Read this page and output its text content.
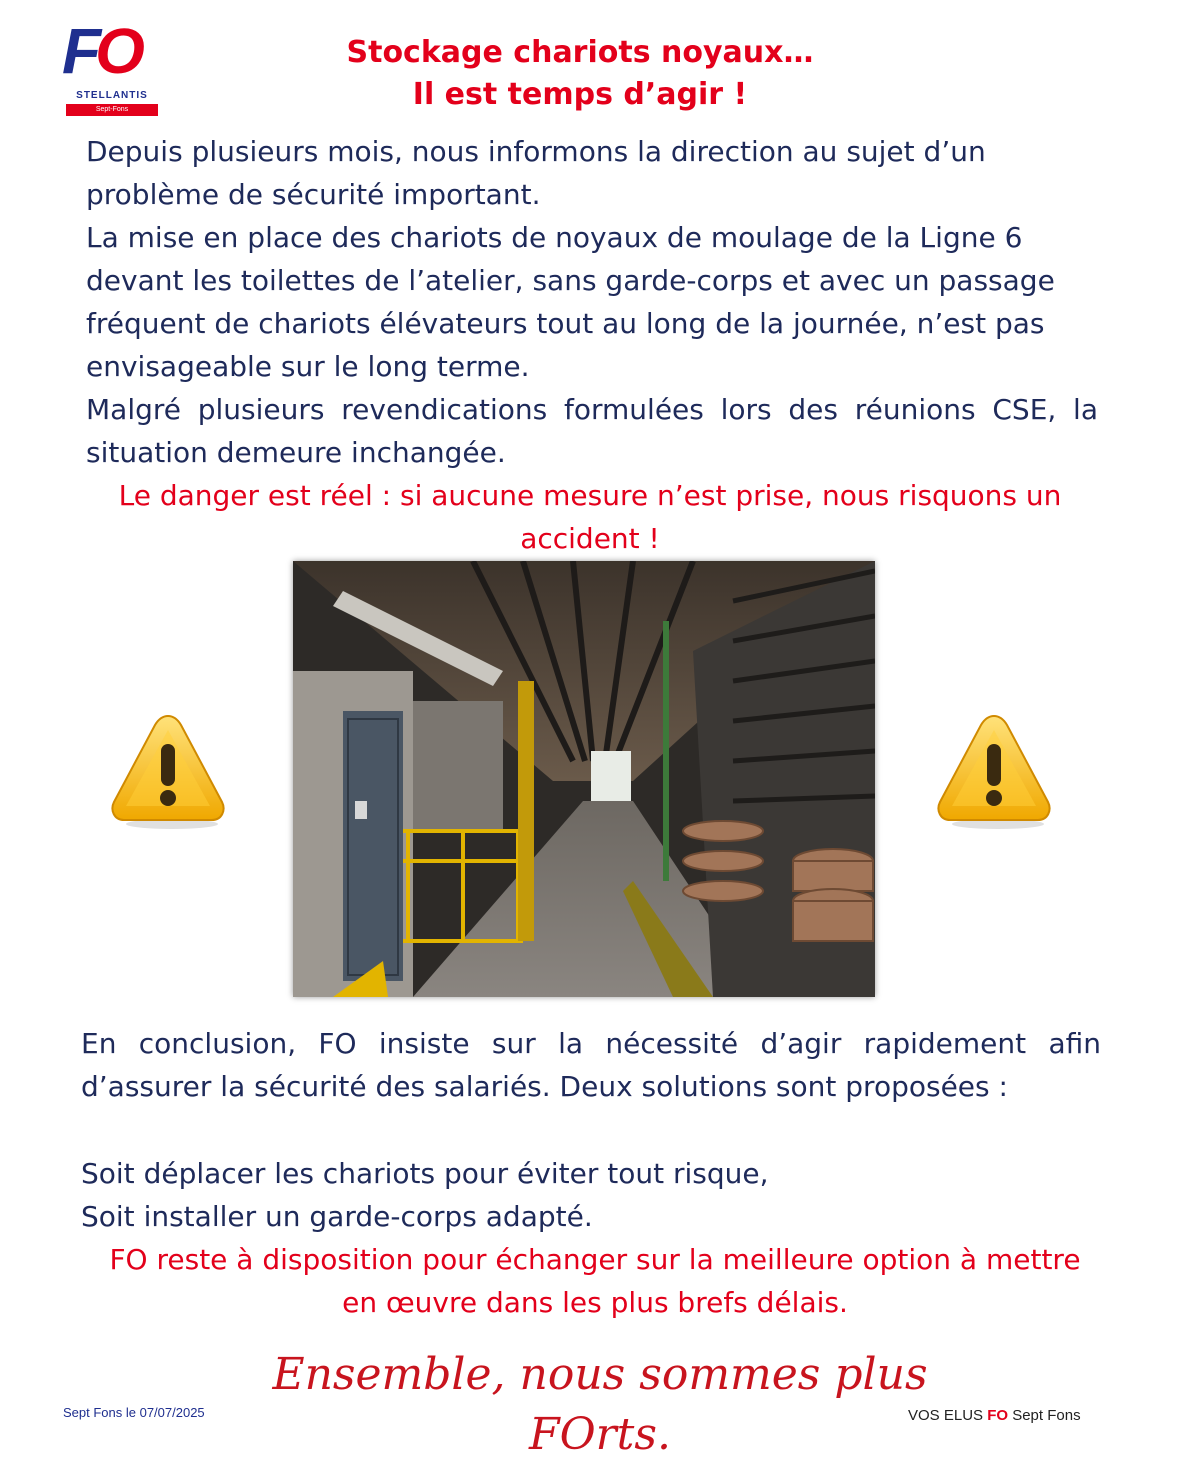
FO
STELLANTIS
Sept-Fons
Stockage chariots noyaux…
Il est temps d’agir !

Depuis plusieurs mois, nous informons la direction au sujet d’un

problème de sécurité important.

La mise en place des chariots de noyaux de moulage de la Ligne 6

devant les toilettes de l’atelier, sans garde-corps et avec un passage

fréquent de chariots élévateurs tout au long de la journée, n’est pas

envisageable sur le long terme.

Malgré plusieurs revendications formulées lors des réunions CSE, la

situation demeure inchangée.

Le danger est réel : si aucune mesure n’est prise, nous risquons un
accident !

En conclusion, FO insiste sur la nécessité d’agir rapidement afin

d’assurer la sécurité des salariés. Deux solutions sont proposées :

Soit déplacer les chariots pour éviter tout risque,

Soit installer un garde-corps adapté.

FO reste à disposition pour échanger sur la meilleure option à mettre
en œuvre dans les plus brefs délais.
Ensemble, nous sommes plus FOrts.
Sept Fons le 07/07/2025	VOS ELUS FO Sept Fons
